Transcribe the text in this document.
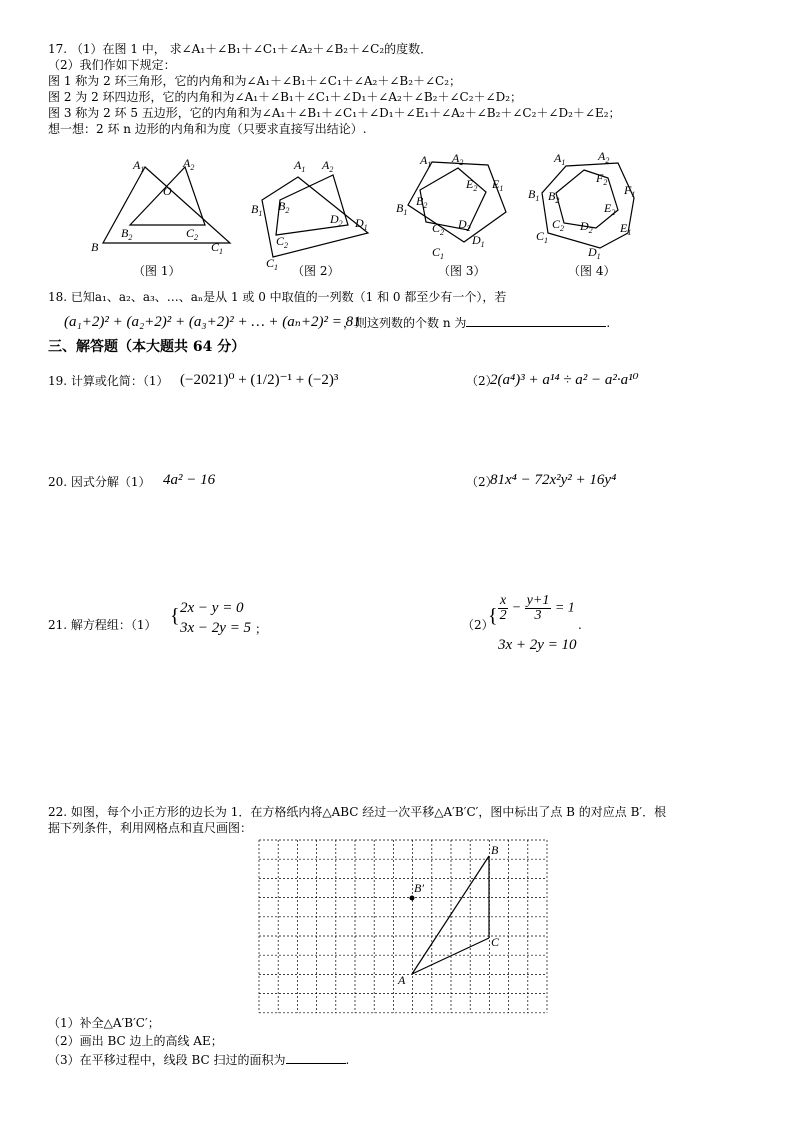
17. （1）在图 1 中， 求∠A₁＋∠B₁＋∠C₁＋∠A₂＋∠B₂＋∠C₂的度数．
（2）我们作如下规定：
图 1 称为 2 环三角形，它的内角和为∠A₁＋∠B₁＋∠C₁＋∠A₂＋∠B₂＋∠C₂；
图 2 为 2 环四边形，它的内角和为∠A₁＋∠B₁＋∠C₁＋∠D₁＋∠A₂＋∠B₂＋∠C₂＋∠D₂；
图 3 称为 2 环 5 五边形，它的内角和为∠A₁＋∠B₁＋∠C₁＋∠D₁＋∠E₁＋∠A₂＋∠B₂＋∠C₂＋∠D₂＋∠E₂；
想一想：2 环 n 边形的内角和为度（只要求直接写出结论）.
$A_1$	$A_2$
O
$B_2$	$C_2$
B	$C_1$
（图 1）
$A_1$ $A_2$
$B_1$
$B_2$
$D_2$ $D_1$
$C_2$
$C_1$ （图 2）
$A_1$ $A_2$
$E_2$ $E_1$
$B_1$
$B_2$
$D_2$
$C_2$
$D_1$
$C_1$
（图 3）
$A_1$	$A_2$
$F_2$
$F_1$
$B_1$ $B_2$
$E_2$
$C_2$ $D_2$ $E_1$
$C_1$
$D_1$
（图 4）
18. 已知a₁、a₂、a₃、…、aₙ是从 1 或 0 中取值的一列数（1 和 0 都至少有一个），若
(a₁+2)² + (a₂+2)² + (a₃+2)² + … + (aₙ+2)² = 81
，则这列数的个数 n 为	.
三、解答题（本大题共 64 分）
19. 计算或化简：（1） (−2021)⁰ + (1/2)⁻¹ + (−2)³	（2）
2(a⁴)³ + a¹⁴ ÷ a² − a²·a¹⁰
20. 因式分解（1） 4a² − 16	（2）
81x⁴ − 72x²y² + 16y⁴
21. 解方程组：（1） { 2x − y = 0
3x − 2y = 5 ；	（2）
{ $\frac{x}{2} - \frac{y+1}{3} = 1$
3x + 2y = 10
.
22. 如图，每个小正方形的边长为 1．在方格纸内将△ABC 经过一次平移△A′B′C′，图中标出了点 B 的对应点 B′．根
据下列条件，利用网格点和直尺画图：
B
C
A
B′
（1）补全△A′B′C′；
（2）画出 BC 边上的高线 AE；
（3）在平移过程中，线段 BC 扫过的面积为	.
